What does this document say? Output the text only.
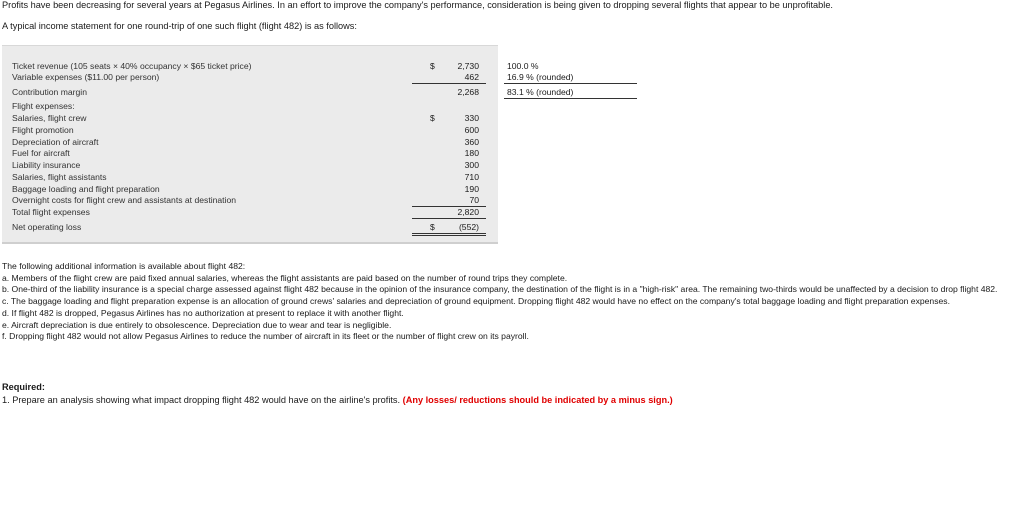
Profits have been decreasing for several years at Pegasus Airlines. In an effort to improve the company's performance, consideration is being given to dropping several flights that appear to be unprofitable.
A typical income statement for one round-trip of one such flight (flight 482) is as follows:
Ticket revenue (105 seats × 40% occupancy × $65 ticket price)	$	2,730	100.0 %
Variable expenses ($11.00 per person)	462	16.9 % (rounded)
Contribution margin	2,268	83.1 % (rounded)
Flight expenses:
Salaries, flight crew	$	330
Flight promotion	600
Depreciation of aircraft	360
Fuel for aircraft	180
Liability insurance	300
Salaries, flight assistants	710
Baggage loading and flight preparation	190
Overnight costs for flight crew and assistants at destination	70
Total flight expenses	2,820
Net operating loss	$	(552)
The following additional information is available about flight 482:
a. Members of the flight crew are paid fixed annual salaries, whereas the flight assistants are paid based on the number of round trips they complete.
b. One-third of the liability insurance is a special charge assessed against flight 482 because in the opinion of the insurance company, the destination of the flight is in a "high-risk" area. The remaining two-thirds would be unaffected by a decision to drop flight 482.
c. The baggage loading and flight preparation expense is an allocation of ground crews' salaries and depreciation of ground equipment. Dropping flight 482 would have no effect on the company's total baggage loading and flight preparation expenses.
d. If flight 482 is dropped, Pegasus Airlines has no authorization at present to replace it with another flight.
e. Aircraft depreciation is due entirely to obsolescence. Depreciation due to wear and tear is negligible.
f. Dropping flight 482 would not allow Pegasus Airlines to reduce the number of aircraft in its fleet or the number of flight crew on its payroll.
Required:
1. Prepare an analysis showing what impact dropping flight 482 would have on the airline's profits. (Any losses/ reductions should be indicated by a minus sign.)
